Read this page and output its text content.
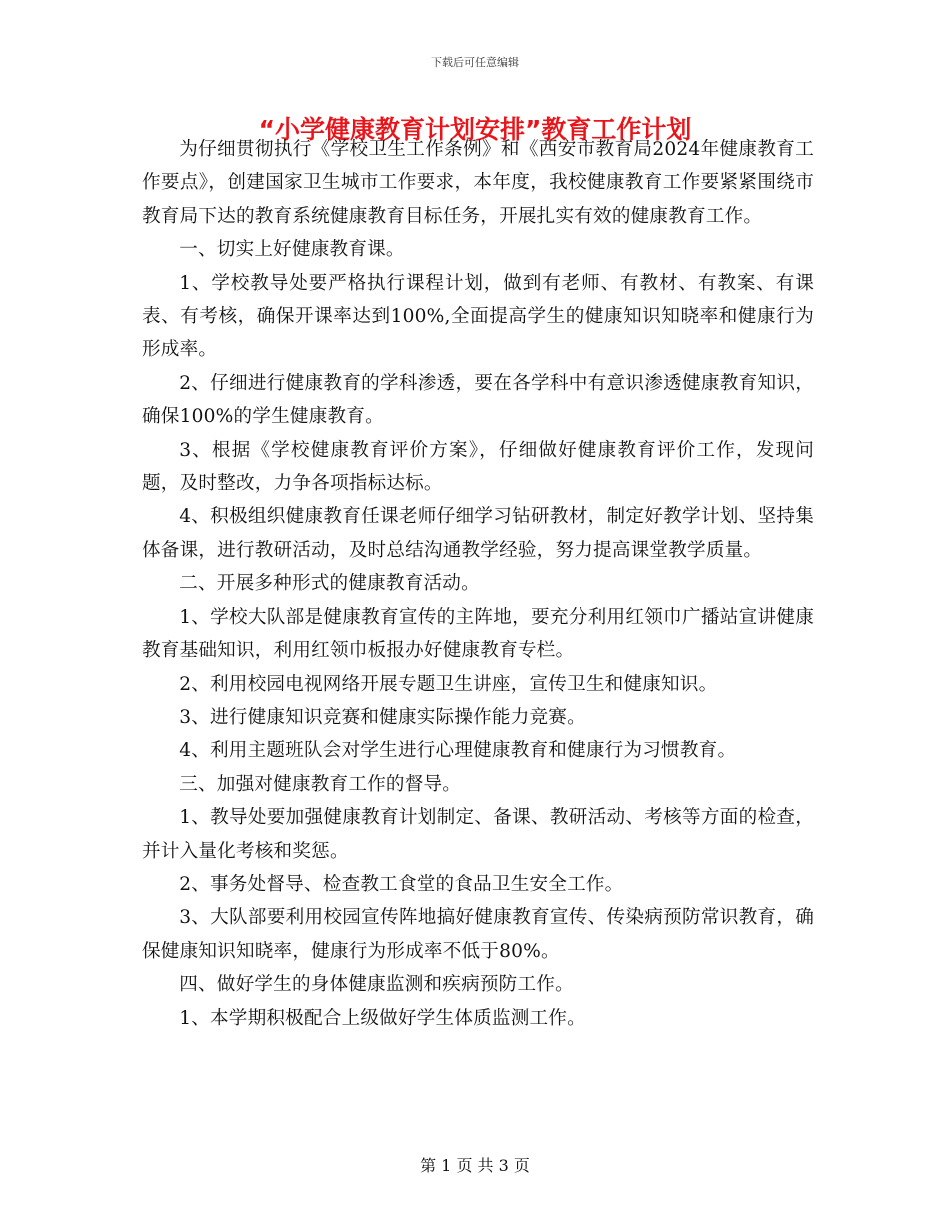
下载后可任意编辑
“小学健康教育计划安排”教育工作计划

为仔细贯彻执行《学校卫生工作条例》和《西安市教育局2024年健康教育工作要点》，创建国家卫生城市工作要求，本年度，我校健康教育工作要紧紧围绕市教育局下达的教育系统健康教育目标任务，开展扎实有效的健康教育工作。

一、切实上好健康教育课。

1、学校教导处要严格执行课程计划，做到有老师、有教材、有教案、有课表、有考核，确保开课率达到100%,全面提高学生的健康知识知晓率和健康行为形成率。

2、仔细进行健康教育的学科渗透，要在各学科中有意识渗透健康教育知识，确保100%的学生健康教育。

3、根据《学校健康教育评价方案》，仔细做好健康教育评价工作，发现问题，及时整改，力争各项指标达标。

4、积极组织健康教育任课老师仔细学习钻研教材，制定好教学计划、坚持集体备课，进行教研活动，及时总结沟通教学经验，努力提高课堂教学质量。

二、开展多种形式的健康教育活动。

1、学校大队部是健康教育宣传的主阵地，要充分利用红领巾广播站宣讲健康教育基础知识，利用红领巾板报办好健康教育专栏。

2、利用校园电视网络开展专题卫生讲座，宣传卫生和健康知识。

3、进行健康知识竞赛和健康实际操作能力竞赛。

4、利用主题班队会对学生进行心理健康教育和健康行为习惯教育。

三、加强对健康教育工作的督导。

1、教导处要加强健康教育计划制定、备课、教研活动、考核等方面的检查，并计入量化考核和奖惩。

2、事务处督导、检查教工食堂的食品卫生安全工作。

3、大队部要利用校园宣传阵地搞好健康教育宣传、传染病预防常识教育，确保健康知识知晓率，健康行为形成率不低于80%。

四、做好学生的身体健康监测和疾病预防工作。

1、本学期积极配合上级做好学生体质监测工作。

第 1 页 共 3 页
